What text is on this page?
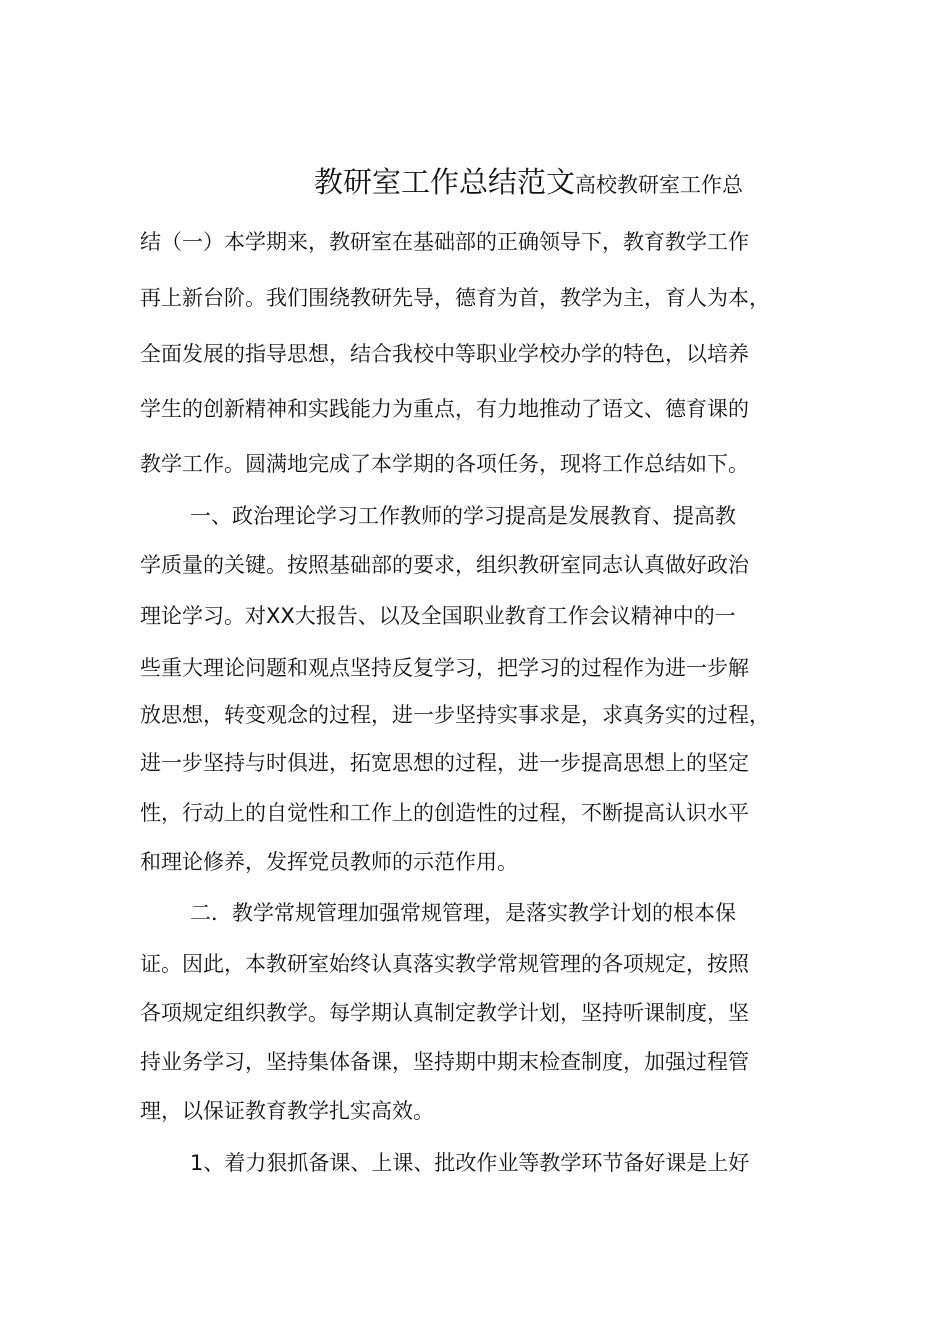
教研室工作总结范文高校教研室工作总
结（一）本学期来，教研室在基础部的正确领导下，教育教学工作
再上新台阶。我们围绕教研先导，德育为首，教学为主，育人为本，
全面发展的指导思想，结合我校中等职业学校办学的特色，以培养
学生的创新精神和实践能力为重点，有力地推动了语文、德育课的
教学工作。圆满地完成了本学期的各项任务，现将工作总结如下。
一、政治理论学习工作教师的学习提高是发展教育、提高教
学质量的关键。按照基础部的要求，组织教研室同志认真做好政治
理论学习。对XX大报告、以及全国职业教育工作会议精神中的一
些重大理论问题和观点坚持反复学习，把学习的过程作为进一步解
放思想，转变观念的过程，进一步坚持实事求是，求真务实的过程，
进一步坚持与时俱进，拓宽思想的过程，进一步提高思想上的坚定
性，行动上的自觉性和工作上的创造性的过程，不断提高认识水平
和理论修养，发挥党员教师的示范作用。
二．教学常规管理加强常规管理，是落实教学计划的根本保
证。因此，本教研室始终认真落实教学常规管理的各项规定，按照
各项规定组织教学。每学期认真制定教学计划，坚持听课制度，坚
持业务学习，坚持集体备课，坚持期中期末检查制度，加强过程管
理，以保证教育教学扎实高效。
1、着力狠抓备课、上课、批改作业等教学环节备好课是上好
